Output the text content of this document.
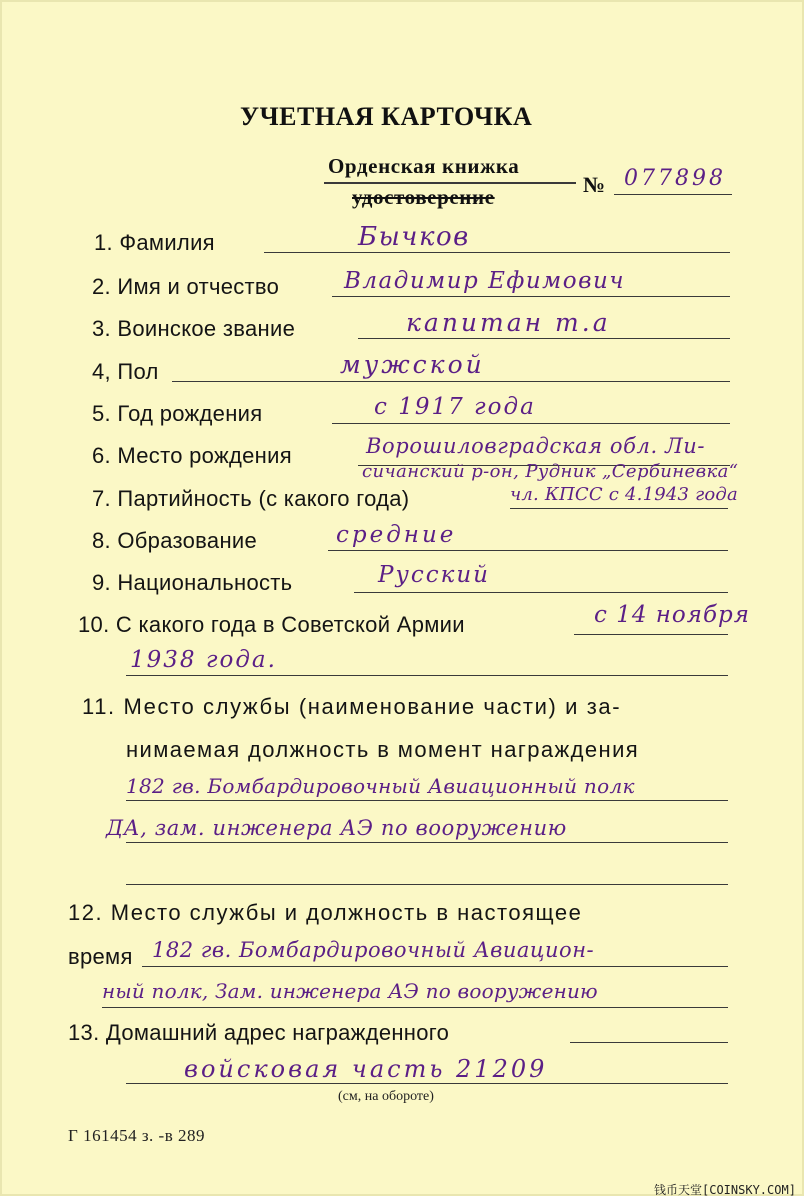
УЧЕТНАЯ КАРТОЧКА
Орденская книжка
удостоверение	№ 077898
1. Фамилия	Бычков
2. Имя и отчество	Владимир Ефимович
3. Воинское звание	капитан т.а
4, Пол	мужской
5. Год рождения	с 1917 года
6. Место рождения	Ворошиловградская обл. Ли-
сичанский р-он, Рудник „Сербиневка“
7. Партийность (с какого года)	чл. КПСС с 4.1943 года
8. Образование	средние
9. Национальность	Русский
10. С какого года в Советской Армии	с 14 ноября
1938 года.
11. Место службы (наименование части) и за-
нимаемая должность в момент награждения
182 гв. Бомбардировочный Авиационный полк
ДА, зам. инженера АЭ по вооружению
12. Место службы и должность в настоящее
время 182 гв. Бомбардировочный Авиацион-
ный полк, Зам. инженера АЭ по вооружению
13. Домашний адрес награжденного
войсковая часть 21209
(см, на обороте)
Г 161454 з. -в 289
钱币天堂[COINSKY.COM]
